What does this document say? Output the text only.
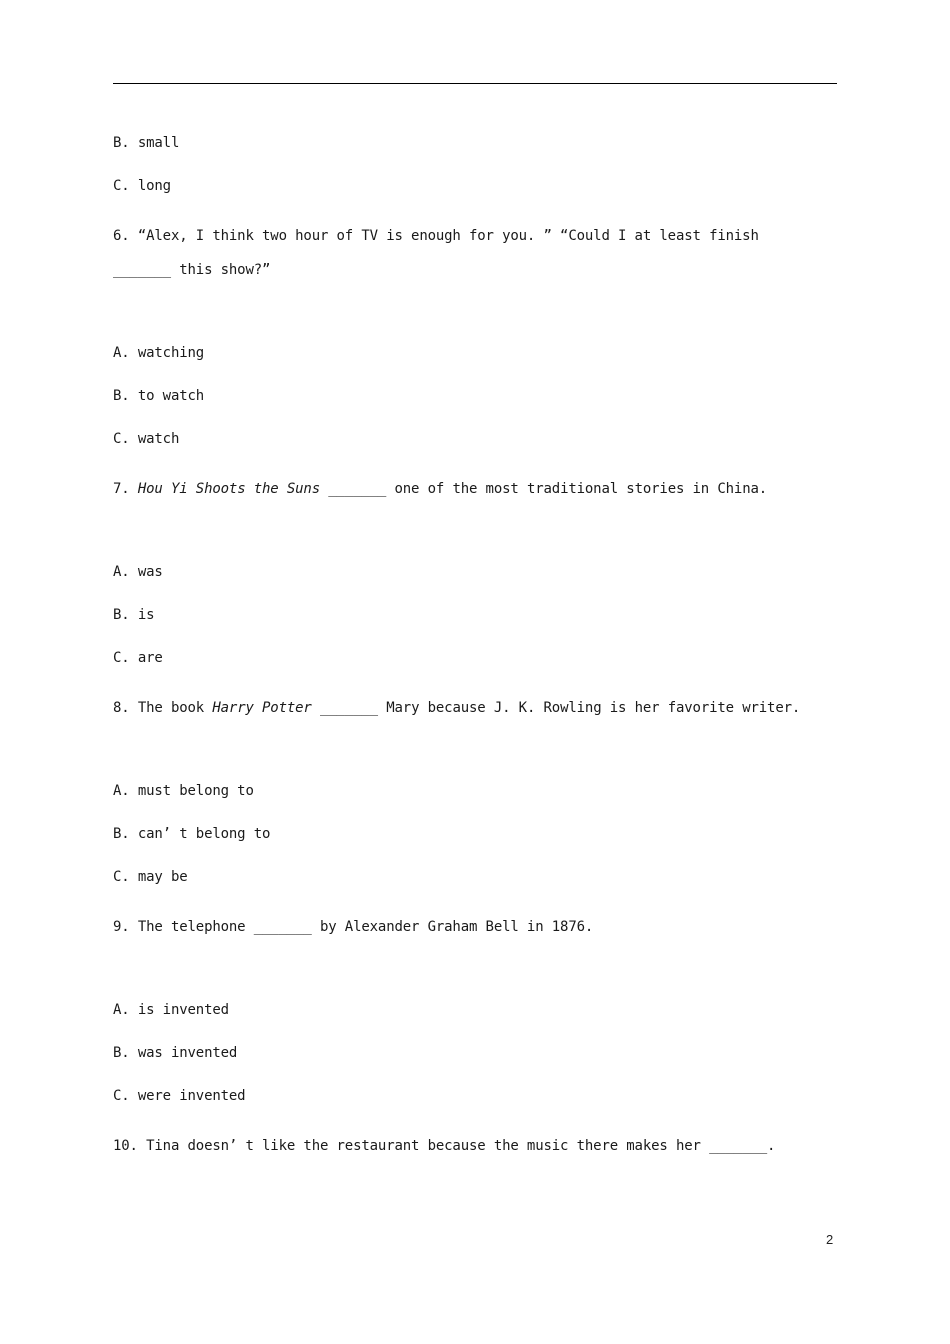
B. small
C. long
6. “Alex, I think two hour of TV is enough for you. ” “Could I at least finish
_______ this show?”
A. watching
B. to watch
C. watch
7. Hou Yi Shoots the Suns _______ one of the most traditional stories in China.
A. was
B. is
C. are
8. The book Harry Potter _______ Mary because J. K. Rowling is her favorite writer.
A. must belong to
B. can’ t belong to
C. may be
9. The telephone _______ by Alexander Graham Bell in 1876.
A. is invented
B. was invented
C. were invented
10. Tina doesn’ t like the restaurant because the music there makes her _______.
2
